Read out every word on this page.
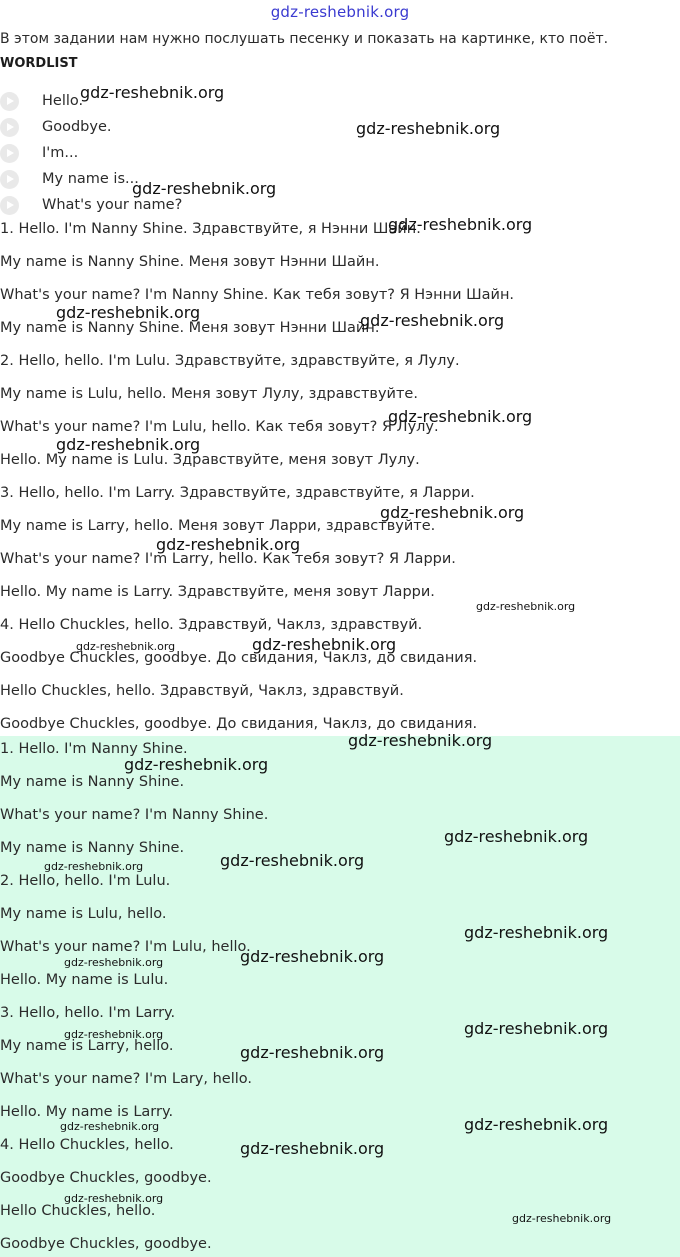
gdz-reshebnik.org
В этом задании нам нужно послушать песенку и показать на картинке, кто поёт.
WORDLIST
Hello.
Goodbye.
I'm...
My name is...
What's your name?
1. Hello. I'm Nanny Shine. Здравствуйте, я Нэнни Шайн.
My name is Nanny Shine. Меня зовут Нэнни Шайн.
What's your name? I'm Nanny Shine. Как тебя зовут? Я Нэнни Шайн.
My name is Nanny Shine. Меня зовут Нэнни Шайн.
2. Hello, hello. I'm Lulu. Здравствуйте, здравствуйте, я Лулу.
My name is Lulu, hello. Меня зовут Лулу, здравствуйте.
What's your name? I'm Lulu, hello. Как тебя зовут? Я Лулу.
Hello. My name is Lulu. Здравствуйте, меня зовут Лулу.
3. Hello, hello. I'm Larry. Здравствуйте, здравствуйте, я Ларри.
My name is Larry, hello. Меня зовут Ларри, здравствуйте.
What's your name? I'm Larry, hello. Как тебя зовут? Я Ларри.
Hello. My name is Larry. Здравствуйте, меня зовут Ларри.
4. Hello Chuckles, hello. Здравствуй, Чаклз, здравствуй.
Goodbye Chuckles, goodbye. До свидания, Чаклз, до свидания.
Hello Chuckles, hello. Здравствуй, Чаклз, здравствуй.
Goodbye Chuckles, goodbye. До свидания, Чаклз, до свидания.
1. Hello. I'm Nanny Shine.
My name is Nanny Shine.
What's your name? I'm Nanny Shine.
My name is Nanny Shine.
2. Hello, hello. I'm Lulu.
My name is Lulu, hello.
What's your name? I'm Lulu, hello.
Hello. My name is Lulu.
3. Hello, hello. I'm Larry.
My name is Larry, hello.
What's your name? I'm Lary, hello.
Hello. My name is Larry.
4. Hello Chuckles, hello.
Goodbye Chuckles, goodbye.
Hello Chuckles, hello.
Goodbye Chuckles, goodbye.
gdz-reshebnik.org
gdz-reshebnik.org
gdz-reshebnik.org
gdz-reshebnik.org
gdz-reshebnik.org	gdz-reshebnik.org
gdz-reshebnik.org
gdz-reshebnik.org
gdz-reshebnik.org
gdz-reshebnik.org
gdz-reshebnik.org
gdz-reshebnik.org
gdz-reshebnik.org
gdz-reshebnik.org
gdz-reshebnik.org
gdz-reshebnik.org
gdz-reshebnik.org
gdz-reshebnik.org
gdz-reshebnik.org
gdz-reshebnik.org
gdz-reshebnik.org
gdz-reshebnik.org
gdz-reshebnik.org
gdz-reshebnik.org
gdz-reshebnik.org
gdz-reshebnik.org
gdz-reshebnik.org
gdz-reshebnik.org
gdz-reshebnik.org
